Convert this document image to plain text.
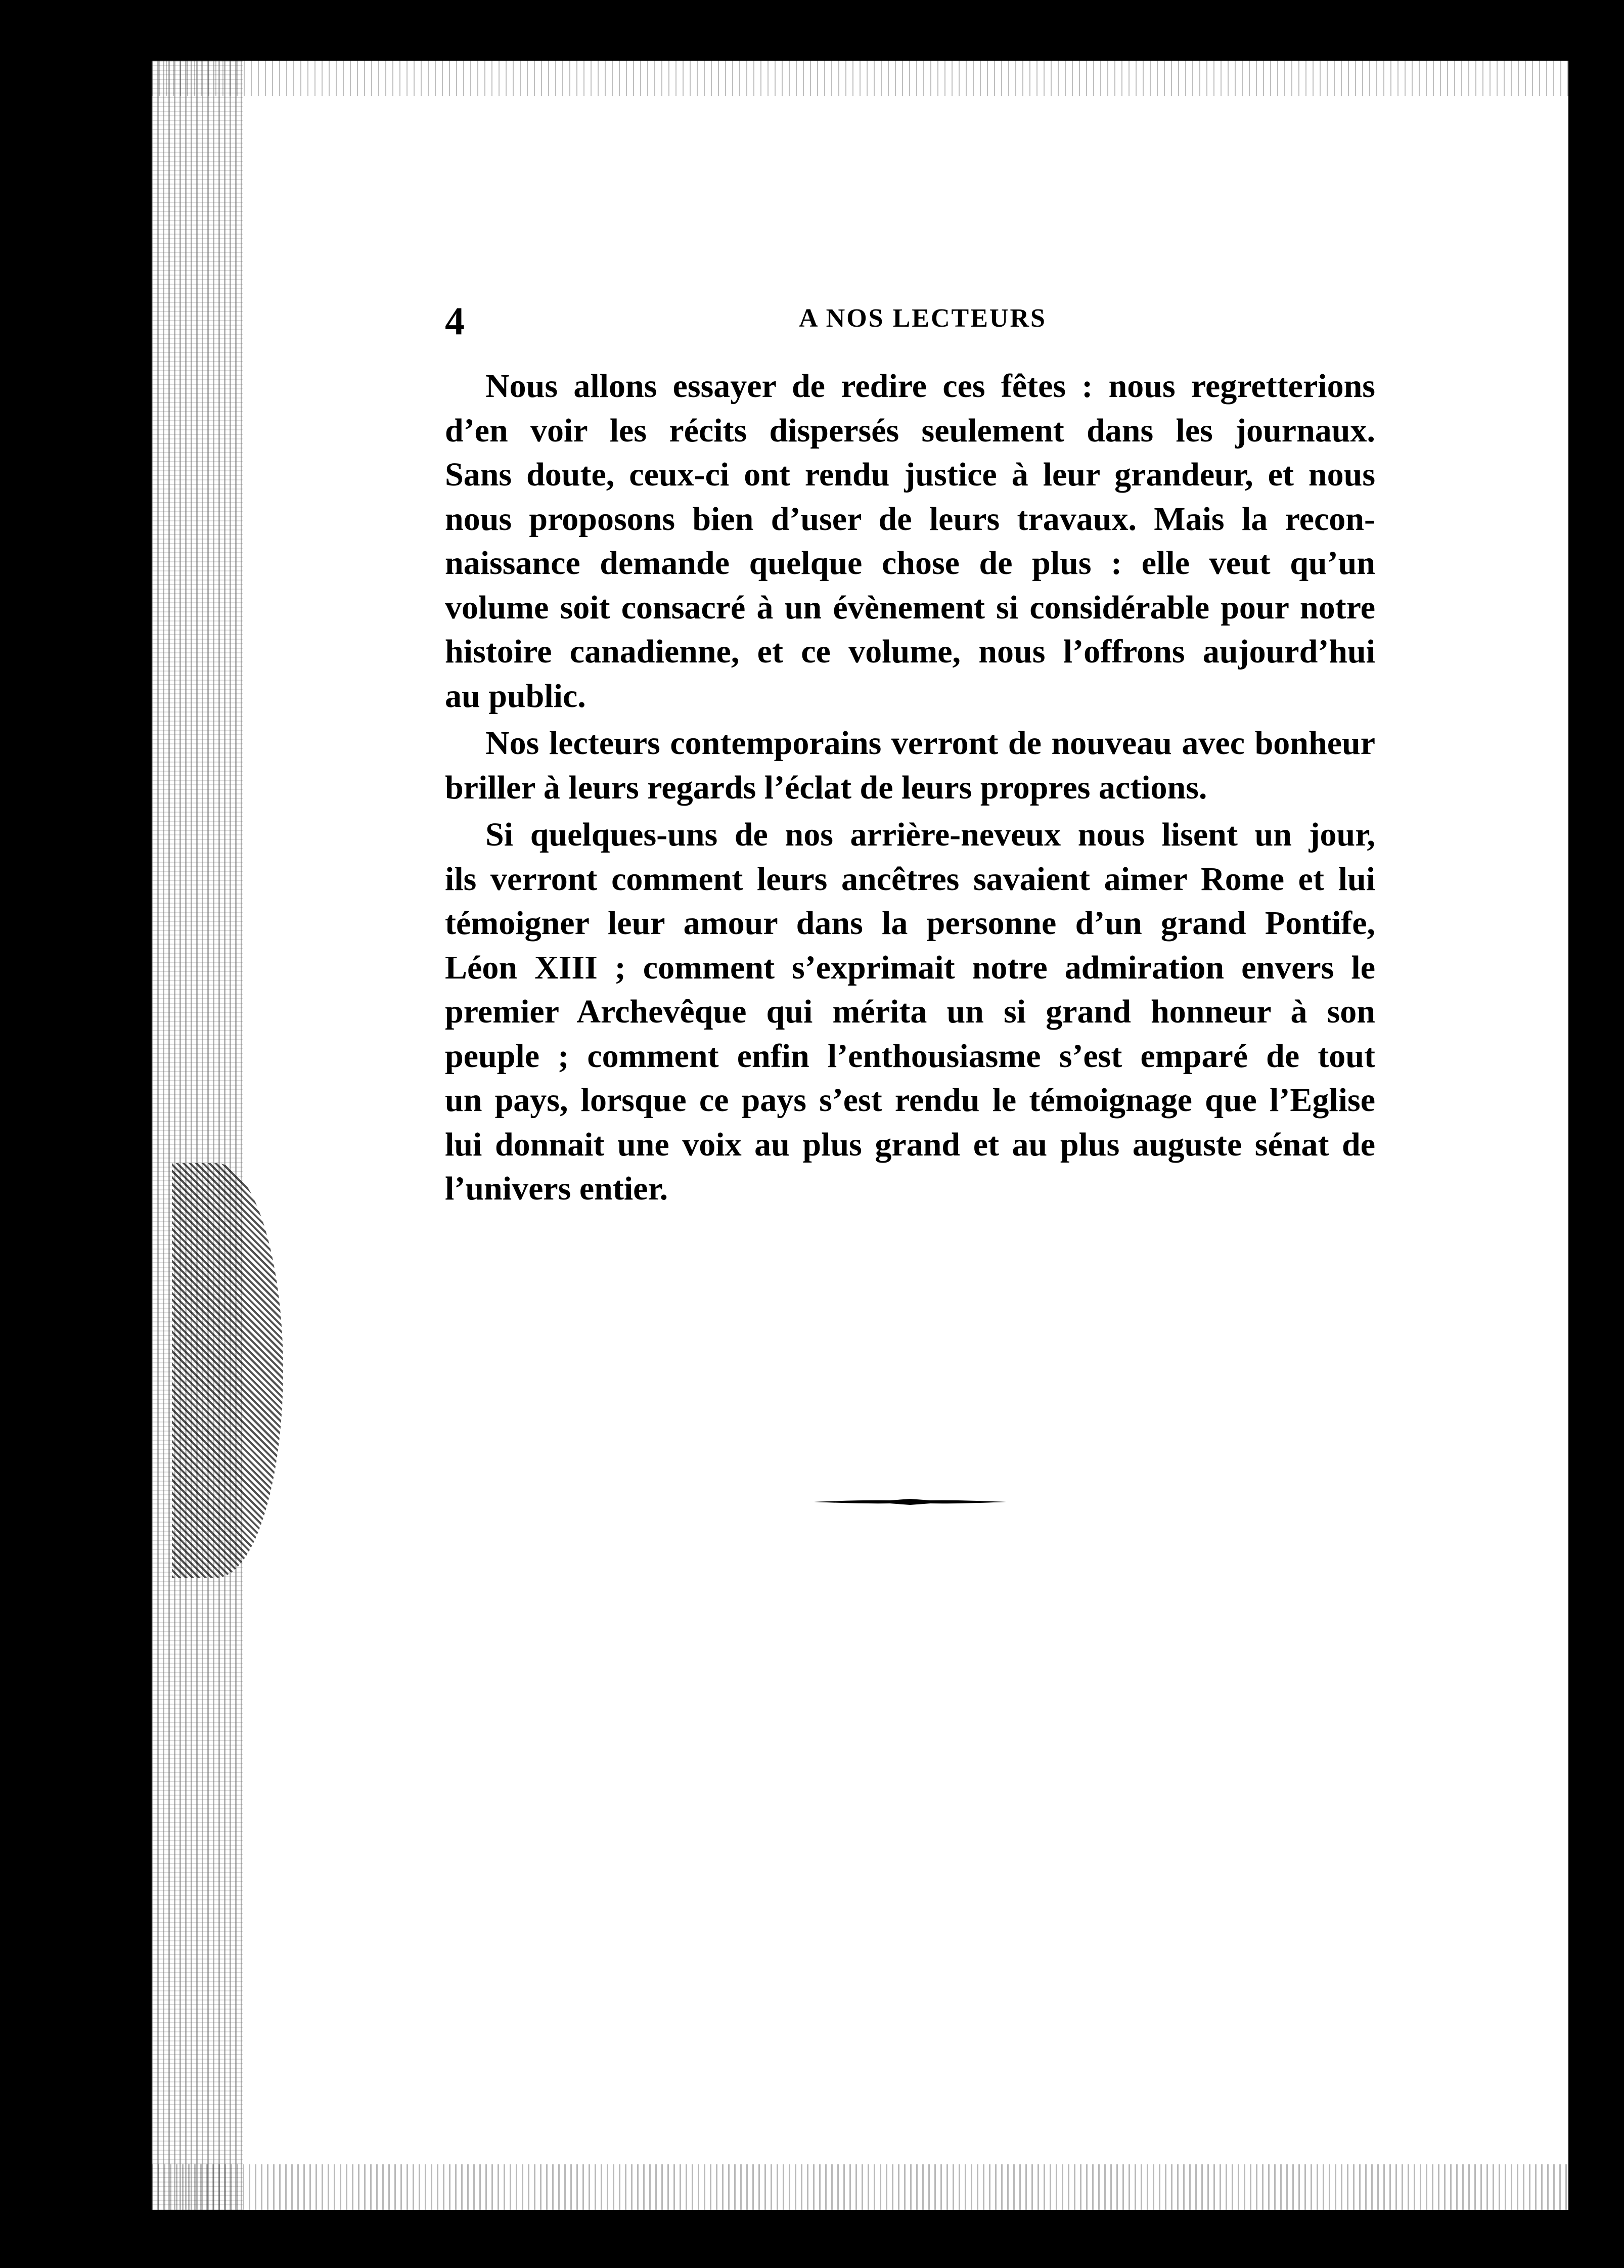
4	A NOS LECTEURS

Nous allons essayer de redire ces fêtes : nous regretterions
d’en voir les récits dispersés seulement dans les journaux.
Sans doute, ceux-ci ont rendu justice à leur grandeur, et nous
nous proposons bien d’user de leurs travaux. Mais la recon-
naissance demande quelque chose de plus : elle veut qu’un
volume soit consacré à un évènement si considérable pour notre
histoire canadienne, et ce volume, nous l’offrons aujourd’hui
au public.

Nos lecteurs contemporains verront de nouveau avec bonheur
briller à leurs regards l’éclat de leurs propres actions.

Si quelques-uns de nos arrière-neveux nous lisent un jour,
ils verront comment leurs ancêtres savaient aimer Rome et lui
témoigner leur amour dans la personne d’un grand Pontife,
Léon XIII ; comment s’exprimait notre admiration envers le
premier Archevêque qui mérita un si grand honneur à son
peuple ; comment enfin l’enthousiasme s’est emparé de tout
un pays, lorsque ce pays s’est rendu le témoignage que l’Eglise
lui donnait une voix au plus grand et au plus auguste sénat de
l’univers entier.
